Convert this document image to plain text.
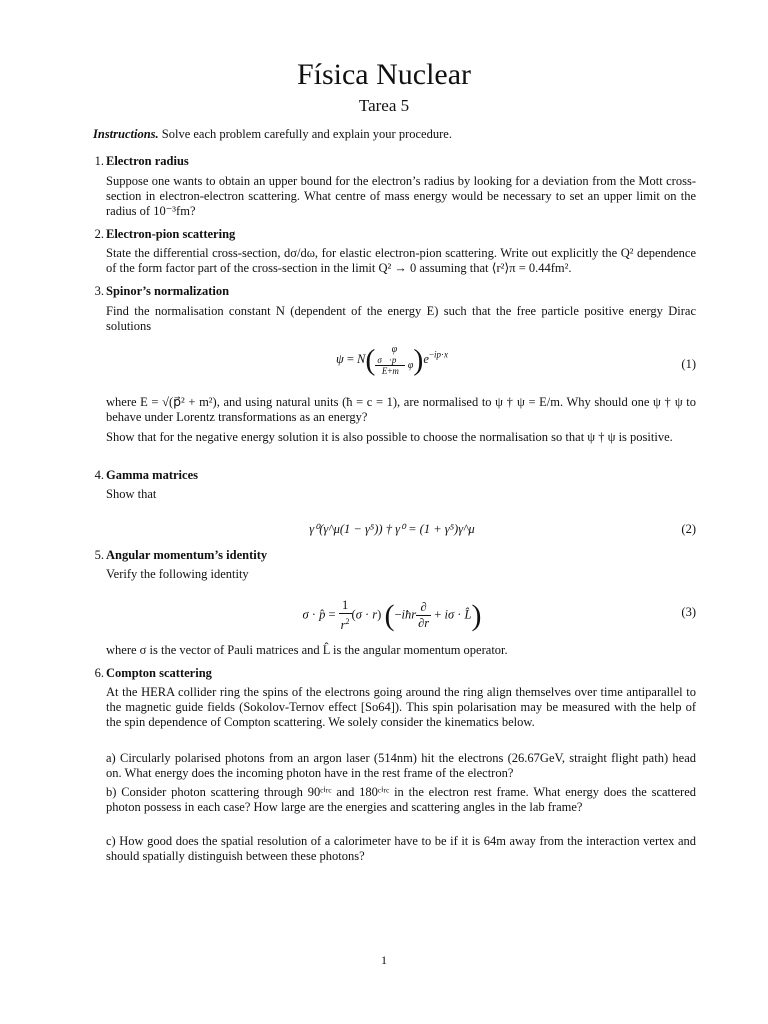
Física Nuclear
Tarea 5
Instructions. Solve each problem carefully and explain your procedure.
1. Electron radius
Suppose one wants to obtain an upper bound for the electron’s radius by looking for a deviation from the Mott cross-section in electron-electron scattering. What centre of mass energy would be necessary to set an upper limit on the radius of 10⁻³fm?
2. Electron-pion scattering
State the differential cross-section, dσ/dω, for elastic electron-pion scattering. Write out explicitly the Q² dependence of the form factor part of the cross-section in the limit Q² → 0 assuming that ⟨r²⟩π = 0.44fm².
3. Spinor’s normalization
Find the normalisation constant N (dependent of the energy E) such that the free particle positive energy Dirac solutions
ψ = N( φ

$\frac{\sigma⃗\cdot p⃗}{E+m} \varphi)e^{-ip\cdot x}$
(1)
where E = √(p⃗² + m²), and using natural units (ħ = c = 1), are normalised to ψ † ψ = E/m. Why should one ψ † ψ to behave under Lorentz transformations as an energy?
Show that for the negative energy solution it is also possible to choose the normalisation so that ψ † ψ is positive.
4. Gamma matrices
Show that
γ⁰(γ^μ(1 − γ⁵)) † γ⁰ = (1 + γ⁵)γ^μ	(2)
5. Angular momentum’s identity
Verify the following identity
σ · p̂ = $\frac{1}{r^2} (\sigma \cdot r)$ (−iħr $\frac{\partial}{\partial r} + i\sigma$ · L̂)	(3)
where σ is the vector of Pauli matrices and L̂ is the angular momentum operator.
6. Compton scattering
At the HERA collider ring the spins of the electrons going around the ring align themselves over time antiparallel to the magnetic guide fields (Sokolov-Ternov effect [So64]). This spin polarisation may be measured with the help of the spin dependence of Compton scattering. We solely consider the kinematics below.
a) Circularly polarised photons from an argon laser (514nm) hit the electrons (26.67GeV, straight flight path) head on. What energy does the incoming photon have in the rest frame of the electron?
b) Consider photon scattering through 90ᶜⁱʳᶜ and 180ᶜⁱʳᶜ in the electron rest frame. What energy does the scattered photon possess in each case? How large are the energies and scattering angles in the lab frame?
c) How good does the spatial resolution of a calorimeter have to be if it is 64m away from the interaction vertex and should spatially distinguish between these photons?
1
